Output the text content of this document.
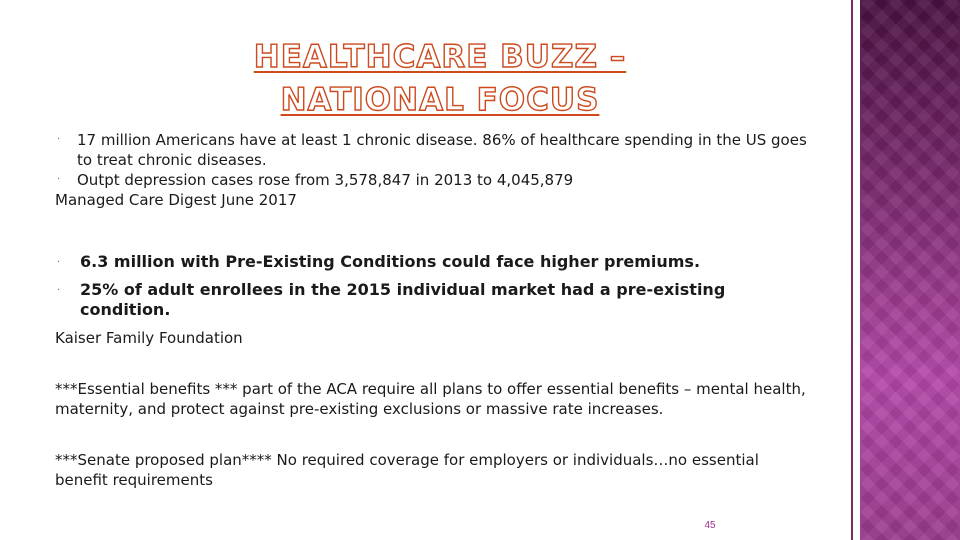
HEALTHCARE BUZZ – NATIONAL FOCUS
· 17 million Americans have at least 1 chronic disease. 86% of healthcare spending in the US goes to treat chronic diseases.
· Outpt depression cases rose from 3,578,847 in 2013 to 4,045,879
Managed Care Digest June 2017
· 6.3 million with Pre-Existing Conditions could face higher premiums.
· 25% of adult enrollees in the 2015 individual market had a pre-existing condition.
Kaiser Family Foundation
***Essential benefits *** part of the ACA require all plans to offer essential benefits – mental health, maternity, and protect against pre-existing exclusions or massive rate increases.
***Senate proposed plan**** No required coverage for employers or individuals…no essential benefit requirements
45
